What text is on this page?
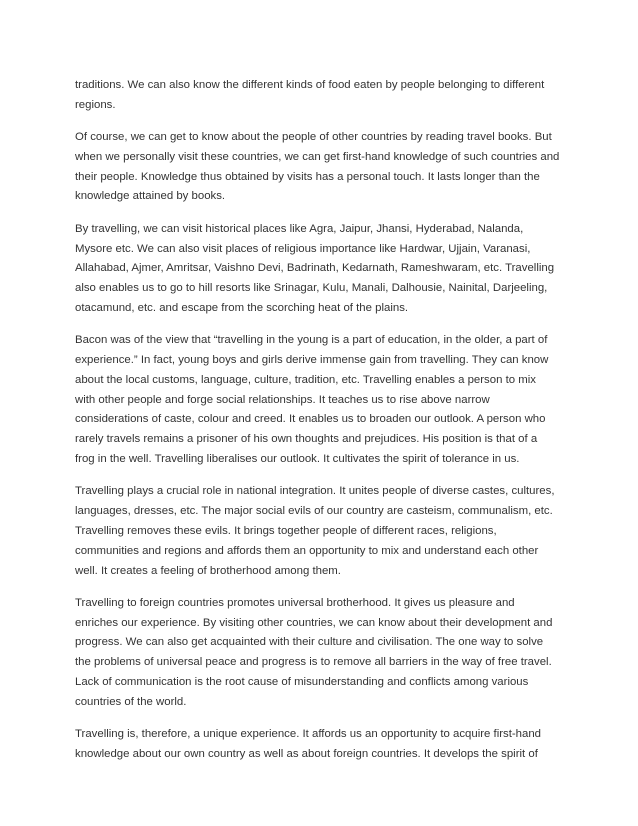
traditions. We can also know the different kinds of food eaten by people belonging to different
regions.

Of course, we can get to know about the people of other countries by reading travel books. But
when we personally visit these countries, we can get first-hand knowledge of such countries and
their people. Knowledge thus obtained by visits has a personal touch. It lasts longer than the
knowledge attained by books.

By travelling, we can visit historical places like Agra, Jaipur, Jhansi, Hyderabad, Nalanda,
Mysore etc. We can also visit places of religious importance like Hardwar, Ujjain, Varanasi,
Allahabad, Ajmer, Amritsar, Vaishno Devi, Badrinath, Kedarnath, Rameshwaram, etc. Travelling
also enables us to go to hill resorts like Srinagar, Kulu, Manali, Dalhousie, Nainital, Darjeeling,
otacamund, etc. and escape from the scorching heat of the plains.

Bacon was of the view that “travelling in the young is a part of education, in the older, a part of
experience.” In fact, young boys and girls derive immense gain from travelling. They can know
about the local customs, language, culture, tradition, etc. Travelling enables a person to mix
with other people and forge social relationships. It teaches us to rise above narrow
considerations of caste, colour and creed. It enables us to broaden our outlook. A person who
rarely travels remains a prisoner of his own thoughts and prejudices. His position is that of a
frog in the well. Travelling liberalises our outlook. It cultivates the spirit of tolerance in us.

Travelling plays a crucial role in national integration. It unites people of diverse castes, cultures,
languages, dresses, etc. The major social evils of our country are casteism, communalism, etc.
Travelling removes these evils. It brings together people of different races, religions,
communities and regions and affords them an opportunity to mix and understand each other
well. It creates a feeling of brotherhood among them.

Travelling to foreign countries promotes universal brotherhood. It gives us pleasure and
enriches our experience. By visiting other countries, we can know about their development and
progress. We can also get acquainted with their culture and civilisation. The one way to solve
the problems of universal peace and progress is to remove all barriers in the way of free travel.
Lack of communication is the root cause of misunderstanding and conflicts among various
countries of the world.

Travelling is, therefore, a unique experience. It affords us an opportunity to acquire first-hand
knowledge about our own country as well as about foreign countries. It develops the spirit of
